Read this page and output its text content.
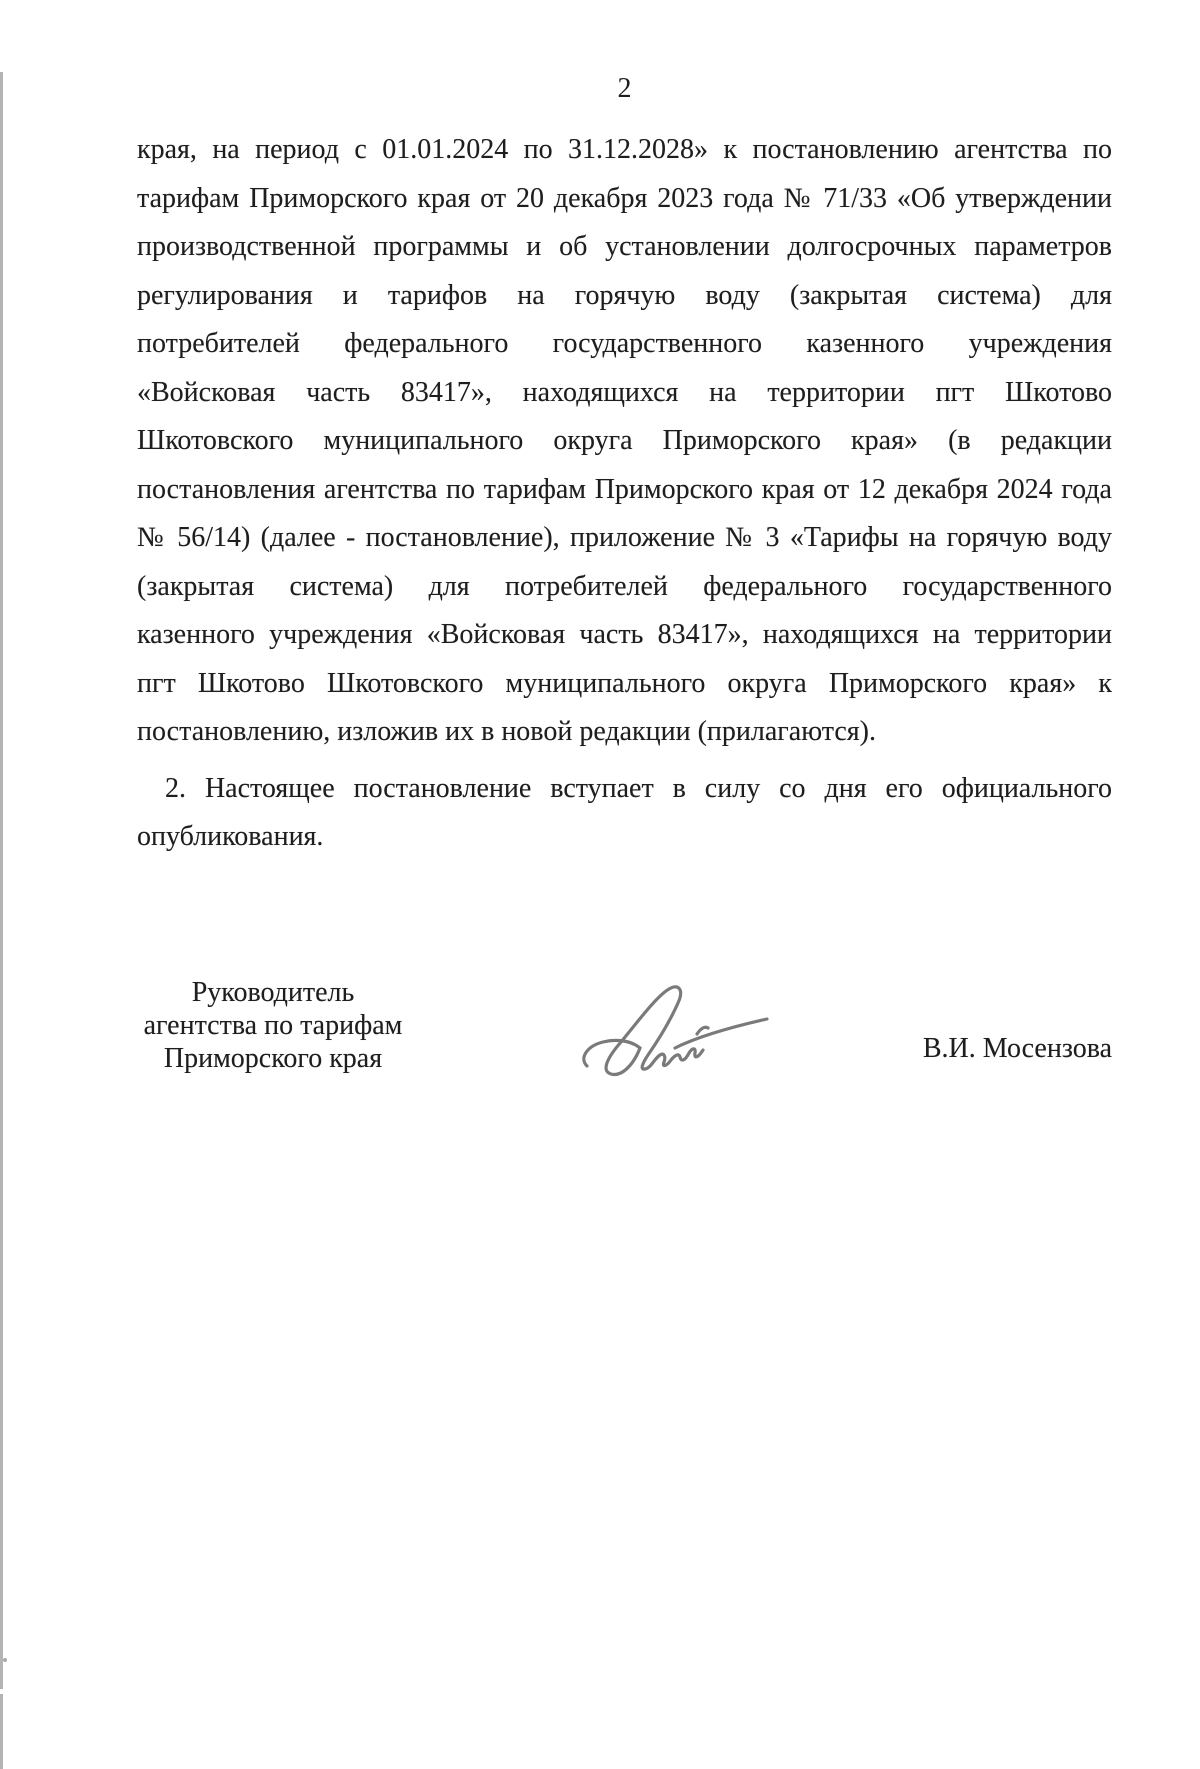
2
края, на период с 01.01.2024 по 31.12.2028» к постановлению агентства по
тарифам Приморского края от 20 декабря 2023 года № 71/33 «Об утверждении
производственной программы и об установлении долгосрочных параметров
регулирования и тарифов на горячую воду (закрытая система) для
потребителей федерального государственного казенного учреждения
«Войсковая часть 83417», находящихся на территории пгт Шкотово
Шкотовского муниципального округа Приморского края» (в редакции
постановления агентства по тарифам Приморского края от 12 декабря 2024 года
№ 56/14) (далее - постановление), приложение № 3 «Тарифы на горячую воду
(закрытая система) для потребителей федерального государственного
казенного учреждения «Войсковая часть 83417», находящихся на территории
пгт Шкотово Шкотовского муниципального округа Приморского края» к
постановлению, изложив их в новой редакции (прилагаются).
2. Настоящее постановление вступает в силу со дня его официального
опубликования.
Руководитель
агентства по тарифам
Приморского края	В.И. Мосензова
